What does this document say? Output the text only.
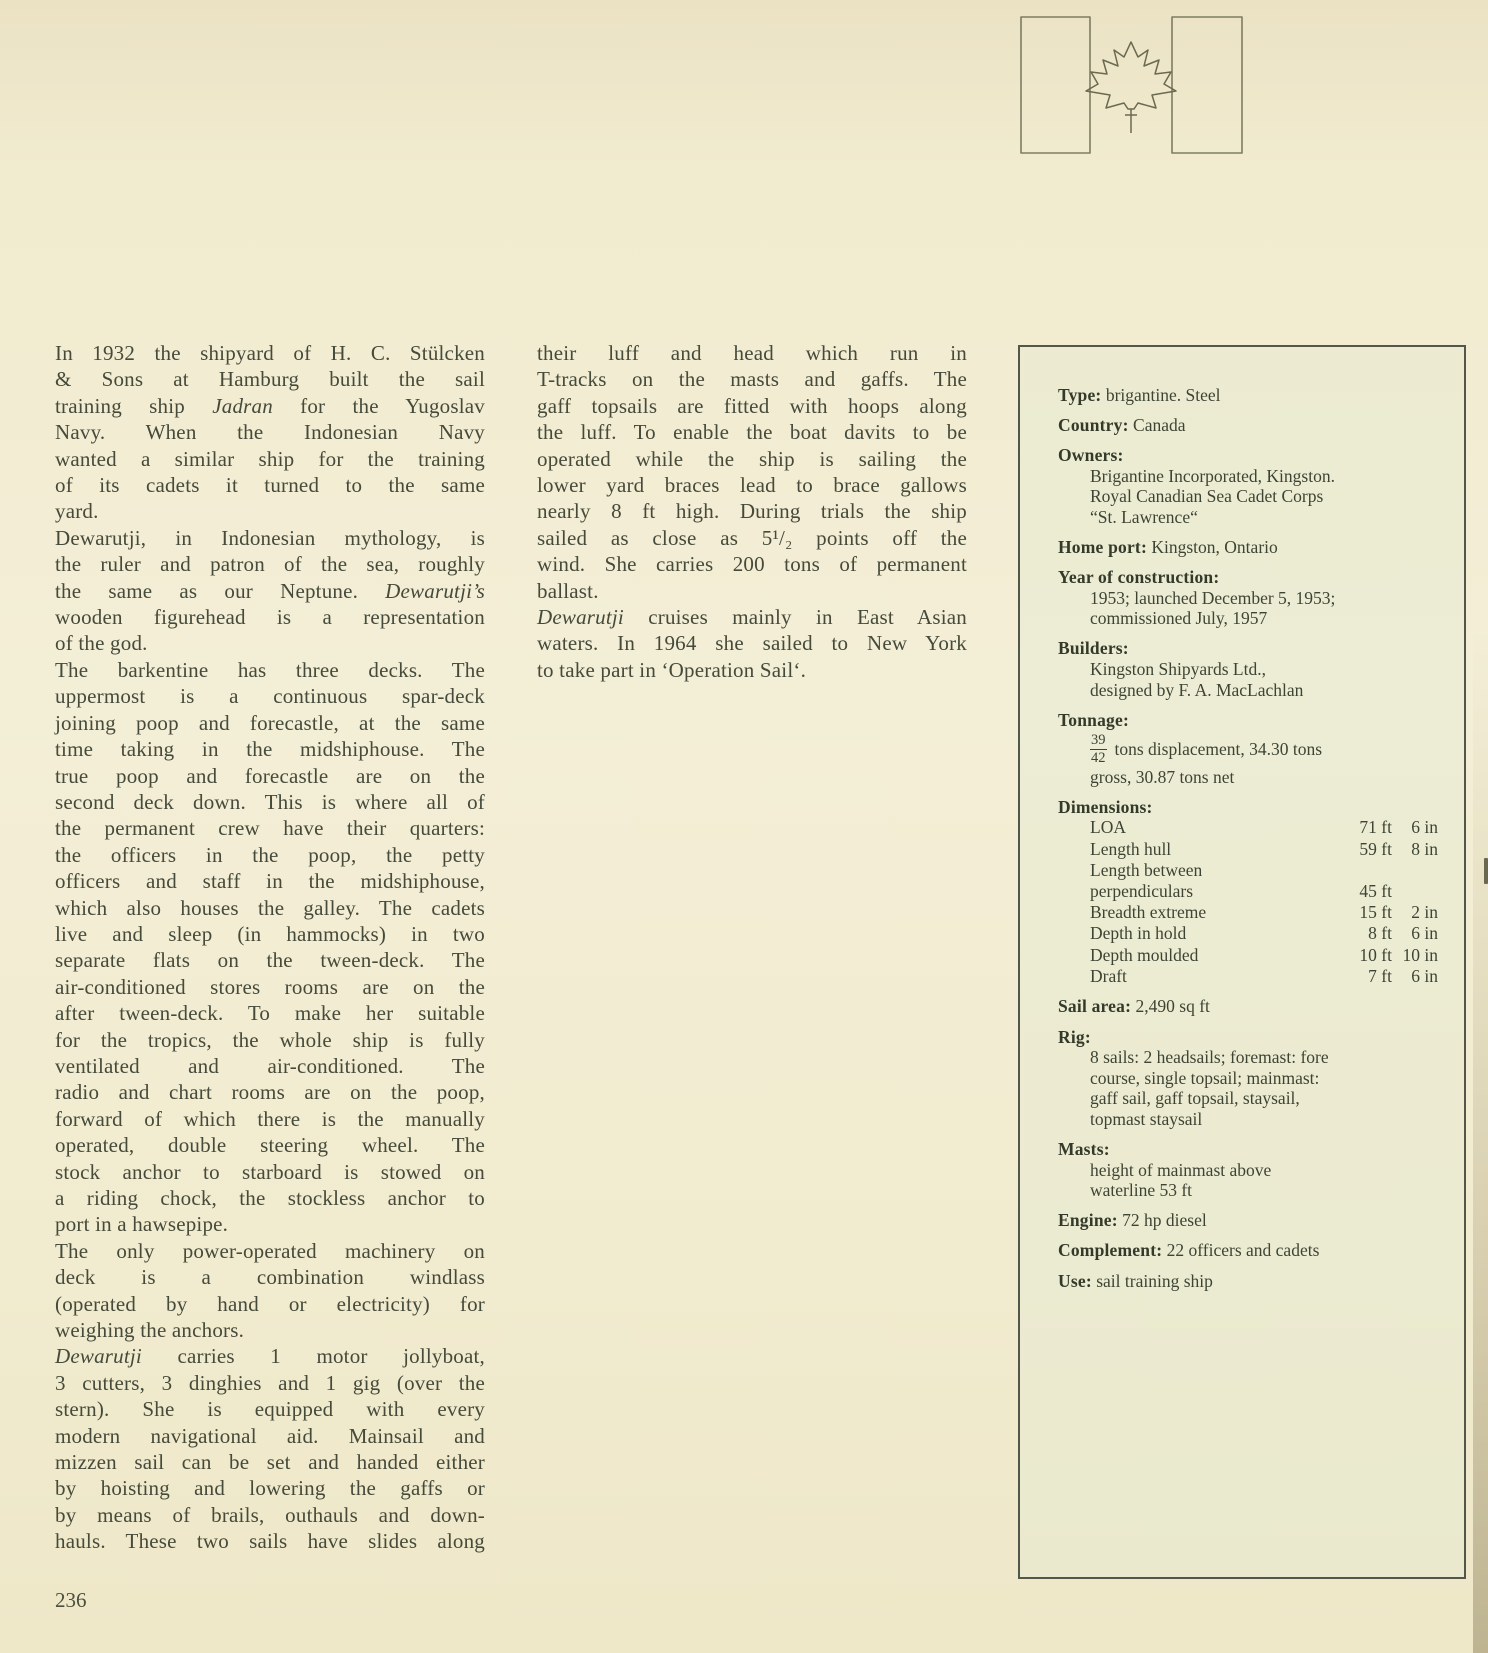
In 1932 the shipyard of H. C. Stülcken
& Sons at Hamburg built the sail
training ship Jadran for the Yugoslav
Navy. When the Indonesian Navy
wanted a similar ship for the training
of its cadets it turned to the same
yard.
Dewarutji, in Indonesian mythology, is
the ruler and patron of the sea, roughly
the same as our Neptune. Dewarutji’s
wooden figurehead is a representation
of the god.
The barkentine has three decks. The
uppermost is a continuous spar-deck
joining poop and forecastle, at the same
time taking in the midshiphouse. The
true poop and forecastle are on the
second deck down. This is where all of
the permanent crew have their quarters:
the officers in the poop, the petty
officers and staff in the midshiphouse,
which also houses the galley. The cadets
live and sleep (in hammocks) in two
separate flats on the tween-deck. The
air-conditioned stores rooms are on the
after tween-deck. To make her suitable
for the tropics, the whole ship is fully
ventilated and air-conditioned. The
radio and chart rooms are on the poop,
forward of which there is the manually
operated, double steering wheel. The
stock anchor to starboard is stowed on
a riding chock, the stockless anchor to
port in a hawsepipe.
The only power-operated machinery on
deck is a combination windlass
(operated by hand or electricity) for
weighing the anchors.
Dewarutji carries 1 motor jollyboat,
3 cutters, 3 dinghies and 1 gig (over the
stern). She is equipped with every
modern navigational aid. Mainsail and
mizzen sail can be set and handed either
by hoisting and lowering the gaffs or
by means of brails, outhauls and down-
hauls. These two sails have slides along
their luff and head which run in
T-tracks on the masts and gaffs. The
gaff topsails are fitted with hoops along
the luff. To enable the boat davits to be
operated while the ship is sailing the
lower yard braces lead to brace gallows
nearly 8 ft high. During trials the ship
sailed as close as 5¹/₂ points off the
wind. She carries 200 tons of permanent
ballast.
Dewarutji cruises mainly in East Asian
waters. In 1964 she sailed to New York
to take part in ‘Operation Sail‘.
Type: brigantine. Steel
Country: Canada
Owners:
Brigantine Incorporated, Kingston.
Royal Canadian Sea Cadet Corps
“St. Lawrence“
Home port: Kingston, Ontario
Year of construction:
1953; launched December 5, 1953;
commissioned July, 1957
Builders:
Kingston Shipyards Ltd.,
designed by F. A. MacLachlan
Tonnage:
$\frac{39}{42}$ tons displacement, 34.30 tons
gross, 30.87 tons net
Dimensions:
LOA	71 ft	6 in
Length hull	59 ft	8 in
Length between
perpendiculars	45 ft
Breadth extreme	15 ft	2 in
Depth in hold	8 ft	6 in
Depth moulded	10 ft 10 in
Draft	7 ft	6 in
Sail area: 2,490 sq ft
Rig:
8 sails: 2 headsails; foremast: fore
course, single topsail; mainmast:
gaff sail, gaff topsail, staysail,
topmast staysail
Masts:
height of mainmast above
waterline 53 ft
Engine: 72 hp diesel
Complement: 22 officers and cadets
Use: sail training ship
236
